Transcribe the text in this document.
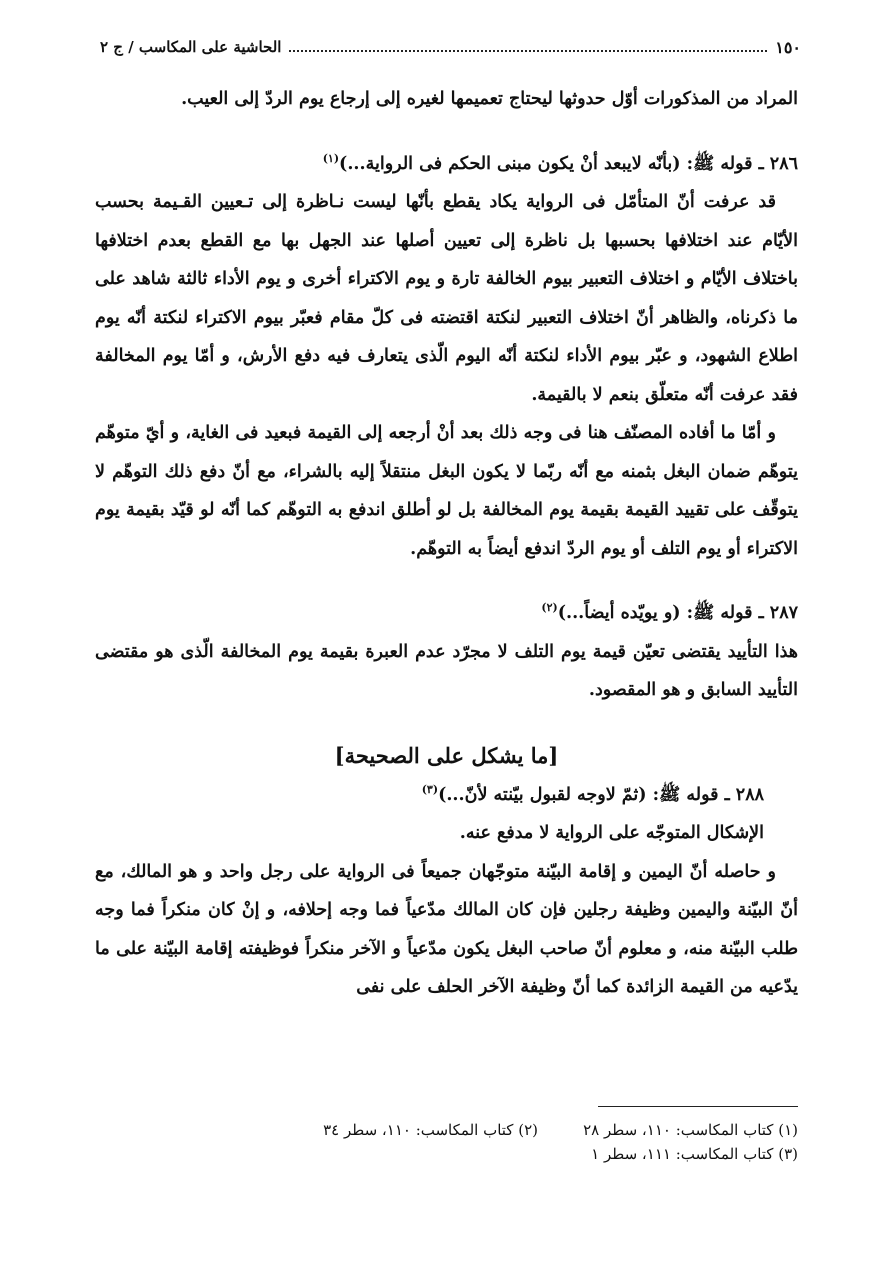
١٥٠
الحاشية على المكاسب / ج ٢

المراد من المذكورات أوّل حدوثها ليحتاج تعميمها لغيره إلى إرجاع يوم الردّ إلى العيب.

٢٨٦ ـ قوله ﷺ: (بأنّه لايبعد أنْ يكون مبنى الحكم فى الرواية...)$^{(١)}$

قد عرفت أنّ المتأمّل فى الرواية يكاد يقطع بأنّها ليست نـاظرة إلى تـعيين القـيمة بحسب الأيّام عند اختلافها بحسبها بل ناظرة إلى تعيين أصلها عند الجهل بها مع القطع بعدم اختلافها باختلاف الأيّام و اختلاف التعبير بيوم الخالفة تارة و يوم الاكتراء أخرى و يوم الأداء ثالثة شاهد على ما ذكرناه، والظاهر أنّ اختلاف التعبير لنكتة اقتضته فى كلّ مقام فعبّر بيوم الاكتراء لنكتة أنّه يوم اطلاع الشهود، و عبّر بيوم الأداء لنكتة أنّه اليوم الّذى يتعارف فيه دفع الأرش، و أمّا يوم المخالفة فقد عرفت أنّه متعلّق بنعم لا بالقيمة.

و أمّا ما أفاده المصنّف هنا فى وجه ذلك بعد أنْ أرجعه إلى القيمة فبعيد فى الغاية، و أيّ متوهّم يتوهّم ضمان البغل بثمنه مع أنّه ربّما لا يكون البغل منتقلاً إليه بالشراء، مع أنّ دفع ذلك التوهّم لا يتوقّف على تقييد القيمة بقيمة يوم المخالفة بل لو أطلق اندفع به التوهّم كما أنّه لو قيّد بقيمة يوم الاكتراء أو يوم التلف أو يوم الردّ اندفع أيضاً به التوهّم.

٢٨٧ ـ قوله ﷺ: (و يويّده أيضاً...)$^{(٢)}$

هذا التأييد يقتضى تعيّن قيمة يوم التلف لا مجرّد عدم العبرة بقيمة يوم المخالفة الّذى هو مقتضى التأييد السابق و هو المقصود.

[ما يشكل على الصحيحة]

٢٨٨ ـ قوله ﷺ: (ثمّ لاوجه لقبول بيّنته لأنّ...)$^{(٣)}$

الإشكال المتوجّه على الرواية لا مدفع عنه.

و حاصله أنّ اليمين و إقامة البيّنة متوجّهان جميعاً فى الرواية على رجل واحد و هو المالك، مع أنّ البيّنة واليمين وظيفة رجلين فإن كان المالك مدّعياً فما وجه إحلافه، و إنْ كان منكراً فما وجه طلب البيّنة منه، و معلوم أنّ صاحب البغل يكون مدّعياً و الآخر منكراً فوظيفته إقامة البيّنة على ما يدّعيه من القيمة الزائدة كما أنّ وظيفة الآخر الحلف على نفى

(١) كتاب المكاسب: ١١٠، سطر ٢٨
(٢) كتاب المكاسب: ١١٠، سطر ٣٤
(٣) كتاب المكاسب: ١١١، سطر ١
